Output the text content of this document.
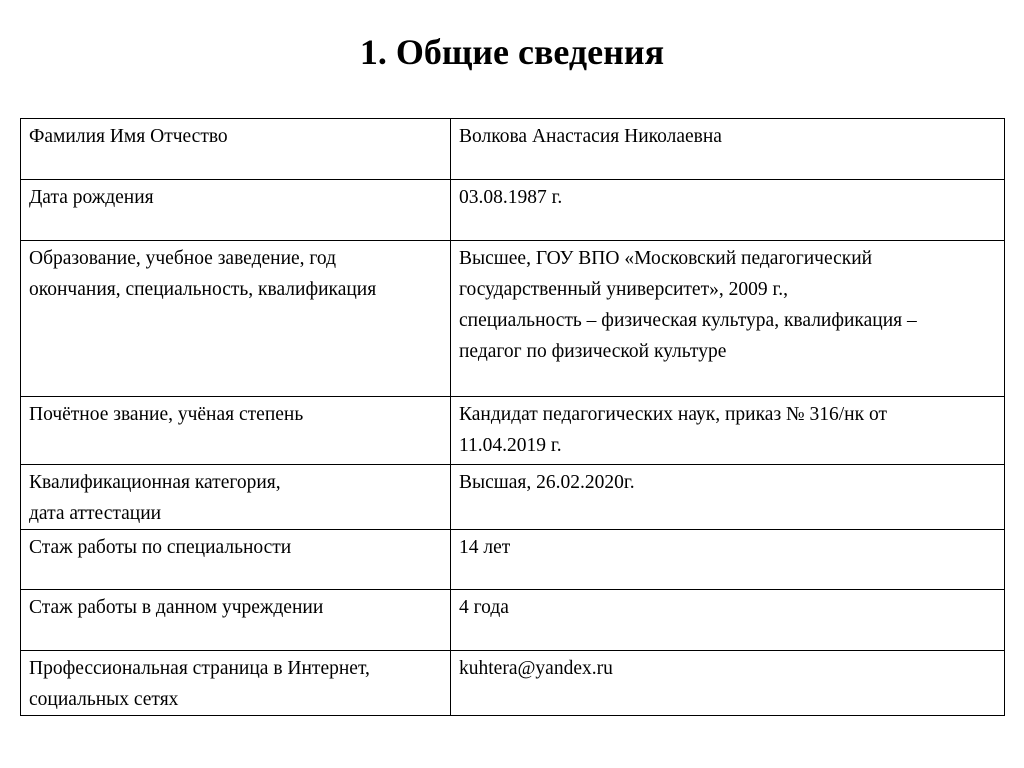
1. Общие сведения
Фамилия Имя Отчество	Волкова Анастасия Николаевна

Дата рождения	03.08.1987 г.

Образование, учебное заведение, год
окончания, специальность, квалификация	Высшее, ГОУ ВПО «Московский педагогический
государственный университет», 2009 г.,
специальность – физическая культура, квалификация –
педагог по физической культуре

Почётное звание, учёная степень	Кандидат педагогических наук, приказ № 316/нк от
11.04.2019 г.

Квалификационная категория,
дата аттестации	Высшая, 26.02.2020г.

Стаж работы по специальности	14 лет

Стаж работы в данном учреждении	4 года

Профессиональная страница в Интернет,
социальных сетях	kuhtera@yandex.ru
